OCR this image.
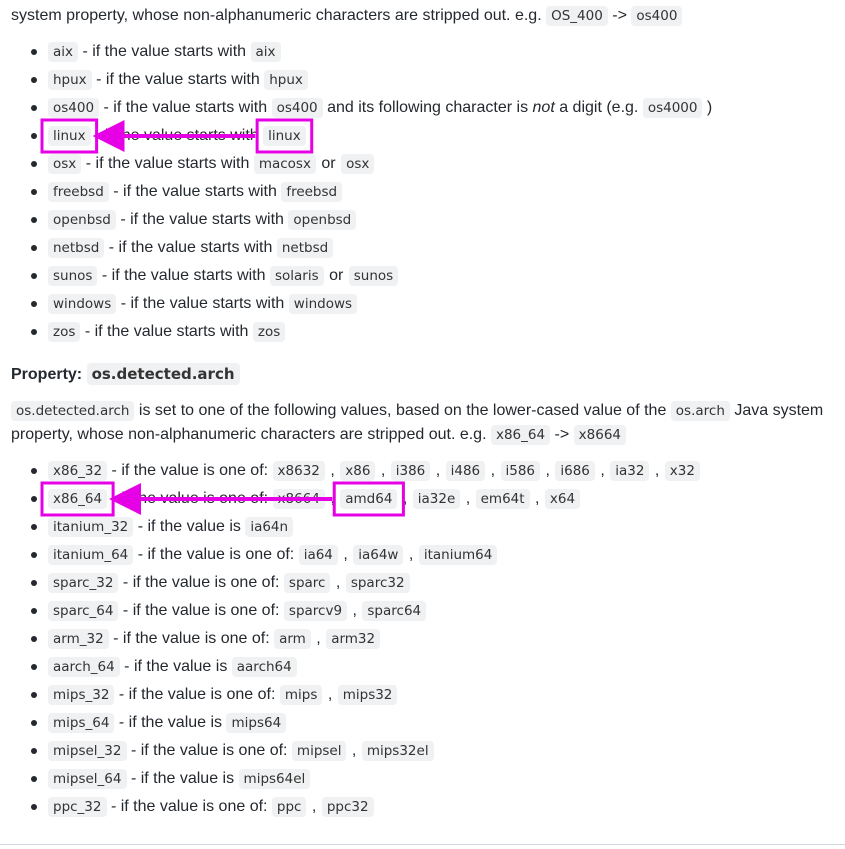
system property, whose non-alphanumeric characters are stripped out. e.g. OS_400 -> os400

aix - if the value starts with aix
hpux - if the value starts with hpux
os400 - if the value starts with os400 and its following character is not a digit (e.g. os4000 )
linux - if the value starts with linux
osx - if the value starts with macosx or osx
freebsd - if the value starts with freebsd
openbsd - if the value starts with openbsd
netbsd - if the value starts with netbsd
sunos - if the value starts with solaris or sunos
windows - if the value starts with windows
zos - if the value starts with zos
Property: os.detected.arch

os.detected.arch is set to one of the following values, based on the lower-cased value of the os.arch Java system property, whose non-alphanumeric characters are stripped out. e.g. x86_64 -> x8664

x86_32 - if the value is one of: x8632 , x86 , i386 , i486 , i586 , i686 , ia32 , x32
x86_64 - if the value is one of: x8664 , amd64 , ia32e , em64t , x64
itanium_32 - if the value is ia64n
itanium_64 - if the value is one of: ia64 , ia64w , itanium64
sparc_32 - if the value is one of: sparc , sparc32
sparc_64 - if the value is one of: sparcv9 , sparc64
arm_32 - if the value is one of: arm , arm32
aarch_64 - if the value is aarch64
mips_32 - if the value is one of: mips , mips32
mips_64 - if the value is mips64
mipsel_32 - if the value is one of: mipsel , mips32el
mipsel_64 - if the value is mips64el
ppc_32 - if the value is one of: ppc , ppc32
